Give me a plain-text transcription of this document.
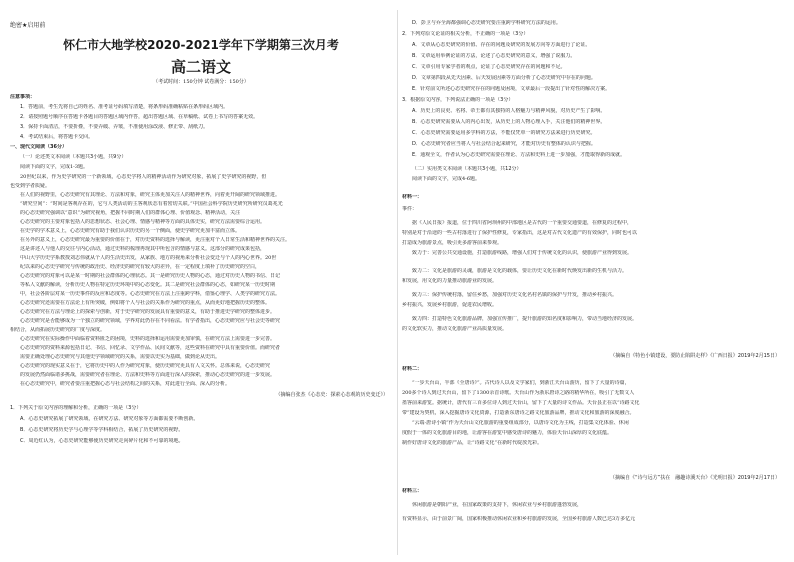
绝密★启用前
怀仁市大地学校2020-2021学年下学期第三次月考
高二语文
（考试时间：150分钟 试卷满分：150分）
注意事项：
1．答题前，考生先将自己的姓名、准考证号码填写清楚，将条形码准确粘贴在条形码区域内。
2．请按照题号顺序在答题卡各题目的答题区域内作答，超出答题区域、在草稿纸、试卷上书写的答案无效。
3．保持卡面清洁，不要折叠，不要弄破、弄皱，不准使用涂改液、修正带、刮纸刀。
4．考试结束后，将答题卡交回。
一、现代文阅读（36分）
（一）论述类文本阅读（本题共3小题，共9分）
阅读下面的文字，完成1-3题。
20世纪以来，作为史学研究的一个新领域，心态史学将人的精神活动作为研究对象，拓展了史学研究的视野，但
也受到学者质疑。
在人们的视野里，心态史研究有其理论、方法和对象，研究主体更加关注人的精神世界，向着更开阔的研究领域推进。
“研究空间”：“时间是客观存在的，它与人类活动的主客观状态有着密切关联。”中国社会科学院历史研究所研究员葛兆光
的心态史研究强调以“意识”为研究视角，把握不同时期人们的群体心理、价值观念、精神活动，关注
心态史研究的主要对象包括人的思想状态、社会心理、情感与精神等方面的具体史实，研究方法需要综合运用。
在史学的学术意义上，心态史研究有助于我们认识历史的另一个侧面，使史学研究更加丰富而立体。
在另外的意义上，心态史研究最为重要的价值在于，对历史资料的选择与解读，更注重对个人日常生活和精神世界的关注。
这是讲述人与他人的交往与内心活动，通过史料的梳理再现其中所包含的情感与意义。这部分的研究成果包括，
中山大学历史学系教授刘志伟就从个人的生活史出发，从家族、地方的视角来分析社会变迁与个人的内心世界。20世
纪以来的心态史学研究与传统的政治史、经济史的研究有较大的差异，在一定程度上填补了历史研究的空白，
心态史研究的对象可以是某一时期的社会群体的心理状态。其一是研究历史人物的心态，通过对历史人物的书信、日记
等私人文献的解读，分析历史人物在特定历史环境中的心态变化。其二是研究社会群体的心态，如研究某一历史时期
中，社会各阶层对某一历史事件的反应和态度等。心态史研究在方法上注重跨学科，借鉴心理学、人类学的研究方法。
心态史研究还需要在方法论上有所突破，例如将个人与社会的关系作为研究的重点，从而更好地把握历史的整体。
心态史研究在方法与理论上的探索与创新，对于史学研究的发展具有重要的意义，有助于推进史学研究的整体进步。
心态史研究是否能够成为一个独立的研究领域，学界对此仍存在不同看法。有学者指出，心态史研究应与社会史等研究
相结合，从而拓展历史研究的广度与深度。
心态史研究在实际操作中面临着资料匮乏的困境，史料的选择和运用需要更加审慎，在研究方法上需要进一步完善。
心态史研究的资料来源包括日记、书信、回忆录、文学作品、民间文献等，这些资料在研究中具有重要价值。而研究者
需要正确处理心态史研究与其他史学领域研究的关系，需要以史实为基础，做到论从史出。
心态史研究的现实意义在于，它将历史中的人作为研究对象，使历史研究更具有人文关怀。总体来说，心态史研究
的发展仍然面临诸多挑战，需要研究者在理论、方法和史料等方面进行深入的探索，推动心态史研究的进一步发展。
在心态史研究中，研究者要注重把握心态与社会结构之间的关系，对此进行全面、深入的分析。
1．下列关于原文内容的理解和分析，正确的一项是（3分）
A．心态史研究拓展了研究领域，在研究方法、研究对象等方面都需要不断创新。
B．心态史研究将历史学与心理学等学科相结合，拓展了历史研究的视野。
C．周近红认为，心态史研究能够使历史研究走向碎片化和不可靠的境地。
（摘编自张杰《心态史：探索心态观的历史变迁》）
D．彭卫与乔全海都强调心态史研究要注重跨学科研究方法的运用。
2．下列对原文论证的相关分析，不正确的一项是（3分）
A．文章从心态史研究的价值、存在的问题及研究的发展方向等方面进行了论证。
B．文章运用举例论证的方法，论述了心态史研究的意义，增强了说服力。
C．文章引用专家学者的观点，论证了心态史研究存在的问题和不足。
D．文章第四段从先天因素、后天发展因素等方面分析了心态史研究中存在的问题。
E．针对前文所述心态史研究存在的问题及困境，文章最后一段提出了针对性的解决方案。
3．根据原文内容，下列说法正确的一项是（3分）
A．历史上的良吏、名将、帝王都有其独特的人格魅力与精神风貌，对历史产生了影响。
B．心态史研究需要从人的内心出发，从历史上的人物心理入手，关注他们的精神世界。
C．心态史研究需要运用多学科的方法，不能仅凭单一的研究方法来进行历史研究。
D．心态史研究者应当将人与社会结合起来研究，才能对历史有整体的认识与把握。
E．通观全文，作者认为心态史研究需要在理论、方法和史料上进一步加强，才能取得新的成就。
（二）实用类文本阅读（本题共3小题，共12分）
阅读下面的文字，完成4-6题。
材料一：
事件：
据《人民日报》报道，位于四川省阿坝州的中部地区是古代的一个重要交通要道，在修复的过程中，
特别是对于沿途的一些古村落进行了保护性修复，专家指出，这是对古代文化遗产的有效保护，同时也可以
打造成为旅游景点，吸引更多游客前来参观。
致力于：完善公共交通设施，打造旅游线路，增强人们对于传统文化的认识，使旅游产业得到发展。
致力二：文化是旅游的灵魂，旅游是文化的载体，要让历史文化在新时代焕发出新的生机与活力。
和发展，用文化的力量推动旅游业的发展。
致力三：保护传统村落，留住乡愁，加强对历史文化名村名镇的保护与开发，推动乡村振兴。
乡村振兴，发展乡村旅游，促进农民增收。
致力四：打造特色文化旅游品牌，加强宣传推广，提升旅游的知名度和影响力，带动当地经济的发展。
的文化软实力，推动文化旅游产业高质量发展。
材料二：
“一步天台山，半部《全唐诗》”。古代诗人以及文学家们，到浙江天台山游历，留下了大量的诗篇，
200多个诗人到过天台山，留下了1300余首诗歌。天台山作为浙东唐诗之路的精华所在，吸引了无数文人
墨客前来游览。据统计，唐代有三百多位诗人到过天台山，留下了大量的诗文作品。天台县正在以“诗路文化
带”建设为契机，深入挖掘唐诗文化资源，打造浙东唐诗之路文化旅游品牌，推动文化和旅游的深度融合。
“云端·唐诗小镇”作为天台山文化旅游的重要组成部分，以唐诗文化为主线，打造集文化体验、休闲
度假于一体的文化旅游目的地，让游客在游览中感受唐诗的魅力，体验天台山深厚的文化底蕴。
制作好唐诗文化的旅游产品，让“诗路文化”在新时代绽放光彩。
材料三：
休闲旅游是朝阳产业，在国家政策的支持下，休闲农业与乡村旅游蓬勃发展，
有资料显示，由于前景广阔，国家积极推动休闲农业和乡村旅游的发展，全国乡村旅游人数已达3万多亿元
（摘编自《特色小镇建设，要防止陷阱走样》《广西日报》2019年2月15日）
（摘编自《“诗与远方”扶在　融趣诗溪天台》《光明日报》2019年2月17日）
